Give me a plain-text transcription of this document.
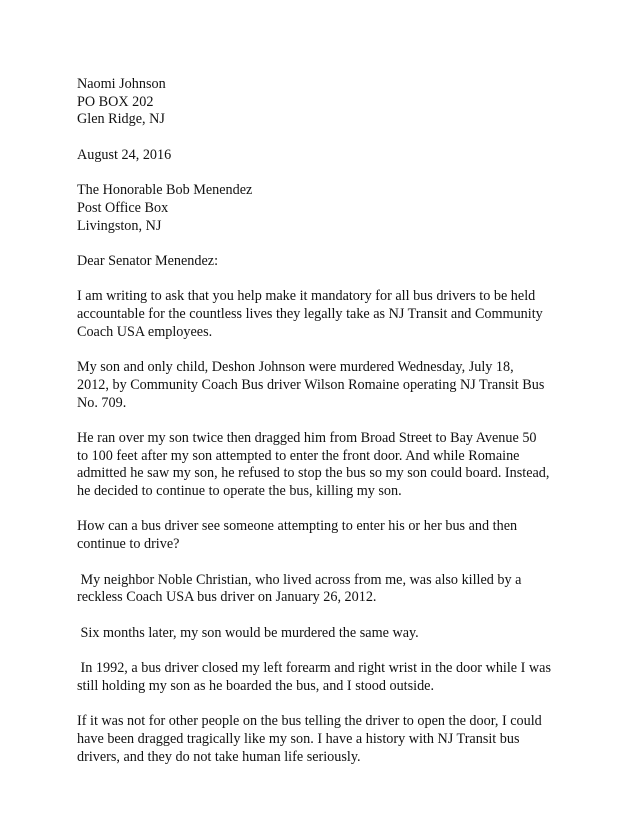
Naomi Johnson
PO BOX 202
Glen Ridge, NJ
August 24, 2016
The Honorable Bob Menendez
Post Office Box
Livingston, NJ
Dear Senator Menendez:
I am writing to ask that you help make it mandatory for all bus drivers to be held
accountable for the countless lives they legally take as NJ Transit and Community
Coach USA employees.
My son and only child, Deshon Johnson were murdered Wednesday, July 18,
2012, by Community Coach Bus driver Wilson Romaine operating NJ Transit Bus
No. 709.
He ran over my son twice then dragged him from Broad Street to Bay Avenue 50
to 100 feet after my son attempted to enter the front door. And while Romaine
admitted he saw my son, he refused to stop the bus so my son could board. Instead,
he decided to continue to operate the bus, killing my son.
How can a bus driver see someone attempting to enter his or her bus and then
continue to drive?
My neighbor Noble Christian, who lived across from me, was also killed by a
reckless Coach USA bus driver on January 26, 2012.
Six months later, my son would be murdered the same way.
In 1992, a bus driver closed my left forearm and right wrist in the door while I was
still holding my son as he boarded the bus, and I stood outside.
If it was not for other people on the bus telling the driver to open the door, I could
have been dragged tragically like my son. I have a history with NJ Transit bus
drivers, and they do not take human life seriously.
